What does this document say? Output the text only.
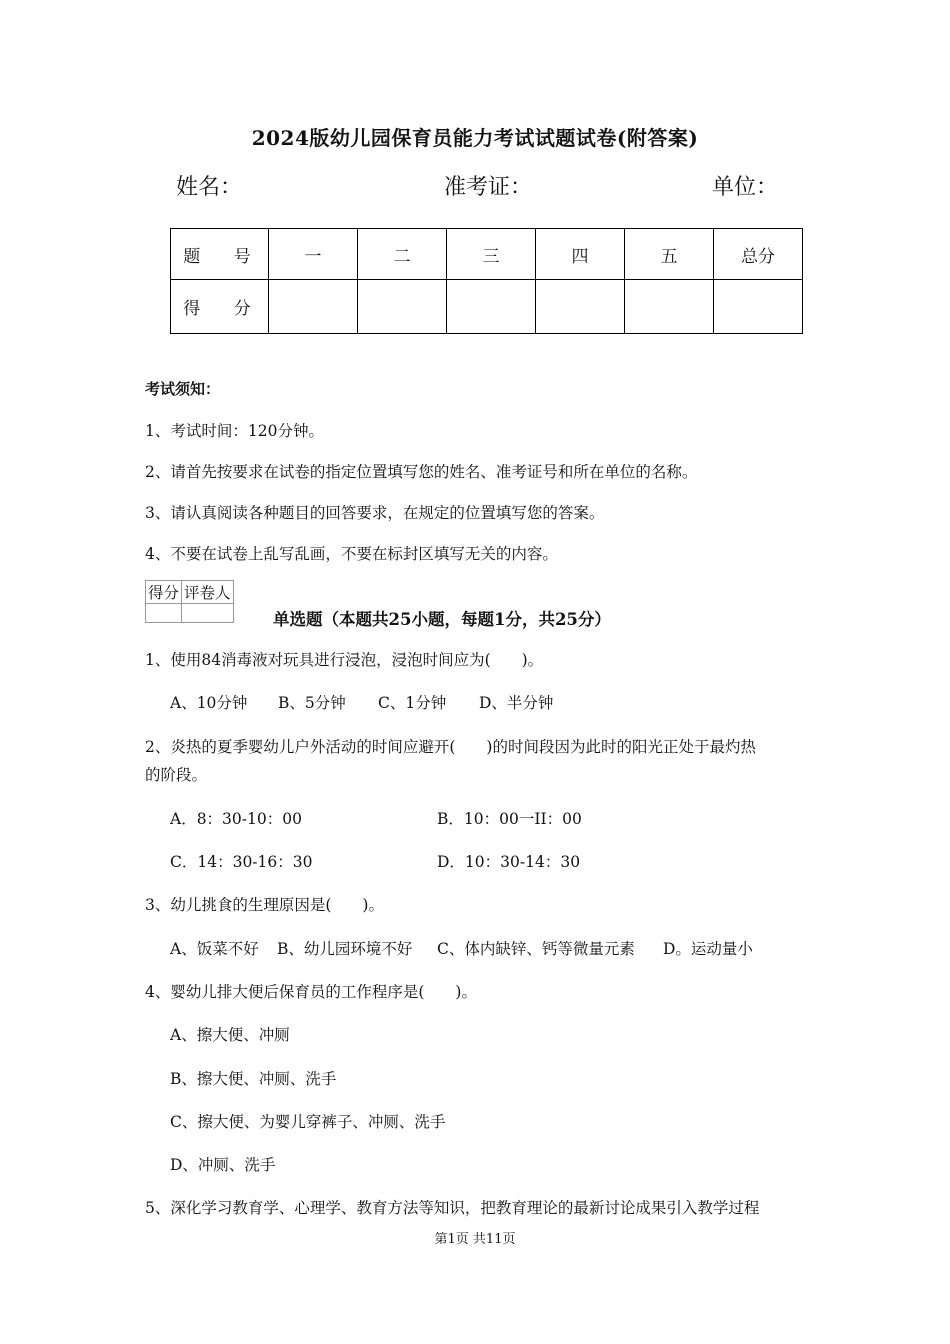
2024版幼儿园保育员能力考试试题试卷(附答案)
姓名：	准考证：	单位：
题 号	一	二	三	四	五	总分
得 分						
考试须知：
1、考试时间：120分钟。
2、请首先按要求在试卷的指定位置填写您的姓名、准考证号和所在单位的名称。
3、请认真阅读各种题目的回答要求，在规定的位置填写您的答案。
4、不要在试卷上乱写乱画，不要在标封区填写无关的内容。
得分	评卷人

单选题（本题共25小题，每题1分，共25分）
1、使用84消毒液对玩具进行浸泡，浸泡时间应为(　　)。
A、10分钟 B、5分钟 C、1分钟 D、半分钟
2、炎热的夏季婴幼儿户外活动的时间应避开(　　)的时间段因为此时的阳光正处于最灼热
的阶段。
A．8：30-10：00	B．10：00一II：00
C．14：30-16：30	D．10：30-14：30
3、幼儿挑食的生理原因是(　　)。
A、饭菜不好 B、幼儿园环境不好 C、体内缺锌、钙等微量元素 D。运动量小
4、婴幼儿排大便后保育员的工作程序是(　　)。
A、擦大便、冲厕
B、擦大便、冲厕、洗手
C、擦大便、为婴儿穿裤子、冲厕、洗手
D、冲厕、洗手
5、深化学习教育学、心理学、教育方法等知识，把教育理论的最新讨论成果引入教学过程
第1页 共11页
